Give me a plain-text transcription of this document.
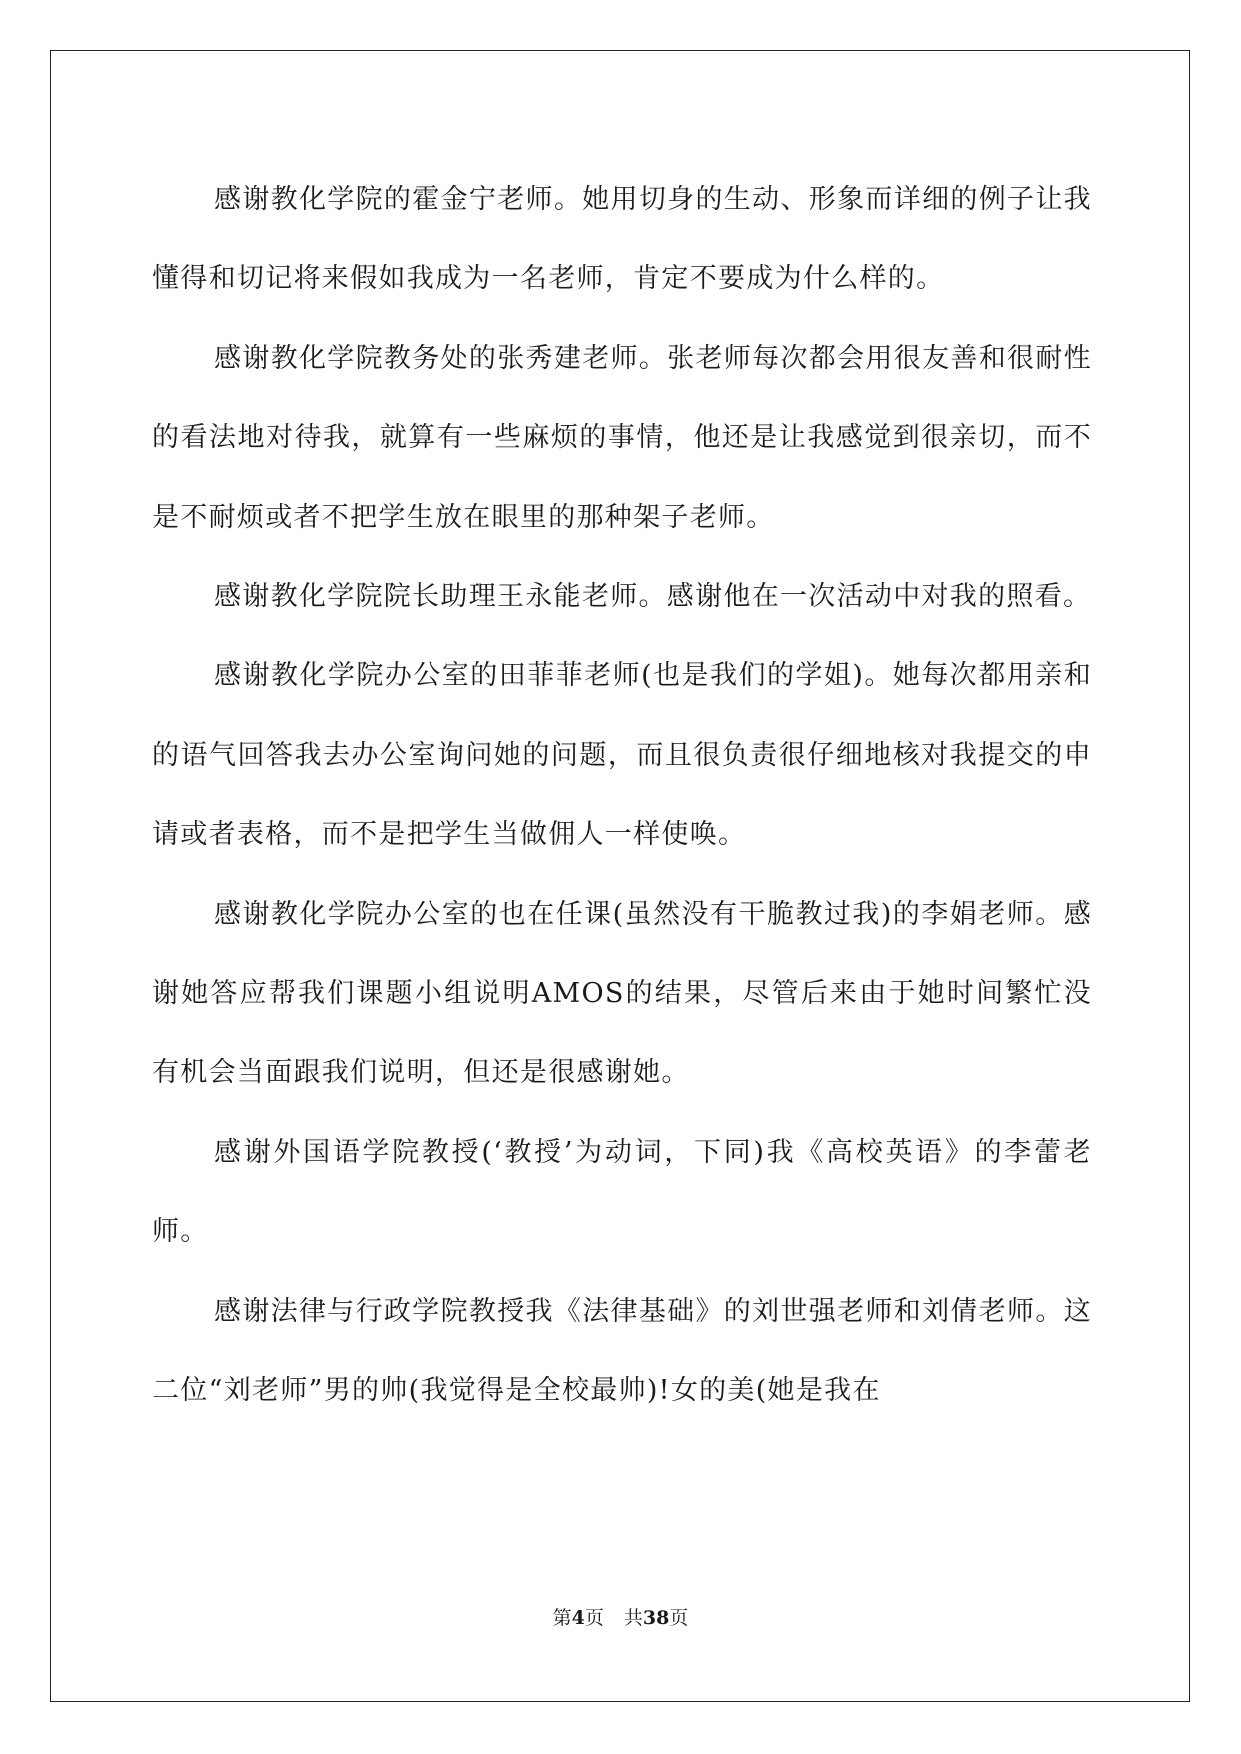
感谢教化学院的霍金宁老师。她用切身的生动、形象而详细的例子让我懂得和切记将来假如我成为一名老师，肯定不要成为什么样的。

感谢教化学院教务处的张秀建老师。张老师每次都会用很友善和很耐性的看法地对待我，就算有一些麻烦的事情，他还是让我感觉到很亲切，而不是不耐烦或者不把学生放在眼里的那种架子老师。

感谢教化学院院长助理王永能老师。感谢他在一次活动中对我的照看。

感谢教化学院办公室的田菲菲老师(也是我们的学姐)。她每次都用亲和的语气回答我去办公室询问她的问题，而且很负责很仔细地核对我提交的申请或者表格，而不是把学生当做佣人一样使唤。

感谢教化学院办公室的也在任课(虽然没有干脆教过我)的李娟老师。感谢她答应帮我们课题小组说明AMOS的结果，尽管后来由于她时间繁忙没有机会当面跟我们说明，但还是很感谢她。

感谢外国语学院教授(‘教授’为动词，下同)我《高校英语》的李蕾老师。

感谢法律与行政学院教授我《法律基础》的刘世强老师和刘倩老师。这二位“刘老师”男的帅(我觉得是全校最帅)!女的美(她是我在

第4页 共38页
